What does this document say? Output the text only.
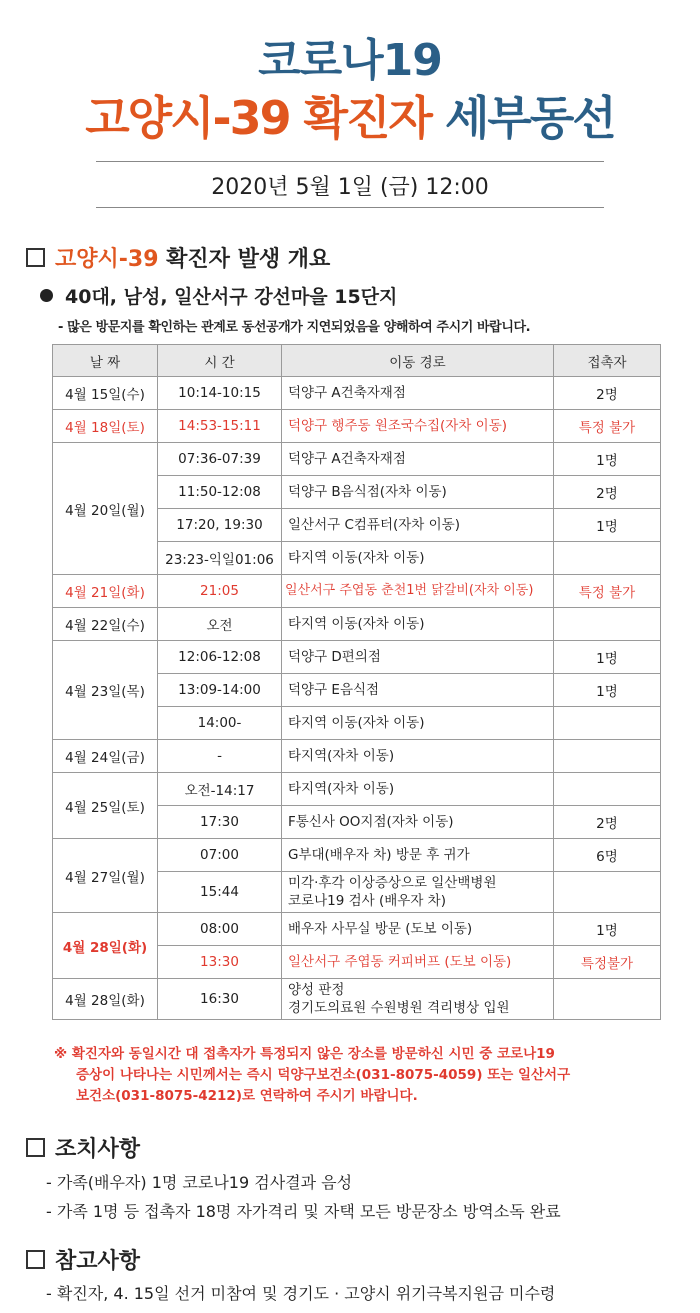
코로나19
고양시-39 확진자 세부동선
2020년 5월 1일 (금) 12:00
고양시-39 확진자 발생 개요
40대, 남성, 일산서구 강선마을 15단지
- 많은 방문지를 확인하는 관계로 동선공개가 지연되었음을 양해하여 주시기 바랍니다.
날 짜	시 간	이동 경로	접촉자
4월 15일(수)	10:14-10:15	덕양구 A건축자재점	2명
4월 18일(토)	14:53-15:11	덕양구 행주동 원조국수집(자차 이동)	특정 불가
4월 20일(월)	07:36-07:39	덕양구 A건축자재점	1명
	11:50-12:08	덕양구 B음식점(자차 이동)	2명
	17:20, 19:30	일산서구 C컴퓨터(자차 이동)	1명
	23:23-익일01:06	타지역 이동(자차 이동)	
4월 21일(화)	21:05	일산서구 주엽동 춘천1번 닭갈비(자차 이동)	특정 불가
4월 22일(수)	오전	타지역 이동(자차 이동)	
4월 23일(목)	12:06-12:08	덕양구 D편의점	1명
	13:09-14:00	덕양구 E음식점	1명
	14:00-	타지역 이동(자차 이동)	
4월 24일(금)	-	타지역(자차 이동)	
4월 25일(토)	오전-14:17	타지역(자차 이동)	
	17:30	F통신사 OO지점(자차 이동)	2명
4월 27일(월)	07:00	G부대(배우자 차) 방문 후 귀가	6명
	15:44	미각·후각 이상증상으로 일산백병원
코로나19 검사 (배우자 차)	
4월 28일(화)	08:00	배우자 사무실 방문 (도보 이동)	1명
	13:30	일산서구 주엽동 커피버프 (도보 이동)	특정불가
4월 28일(화)	16:30	양성 판정
경기도의료원 수원병원 격리병상 입원	
※ 확진자와 동일시간 대 접촉자가 특정되지 않은 장소를 방문하신 시민 중 코로나19
증상이 나타나는 시민께서는 즉시 덕양구보건소(031-8075-4059) 또는 일산서구
보건소(031-8075-4212)로 연락하여 주시기 바랍니다.
조치사항
- 가족(배우자) 1명 코로나19 검사결과 음성
- 가족 1명 등 접촉자 18명 자가격리 및 자택 모든 방문장소 방역소독 완료
참고사항
- 확진자, 4. 15일 선거 미참여 및 경기도 · 고양시 위기극복지원금 미수령
